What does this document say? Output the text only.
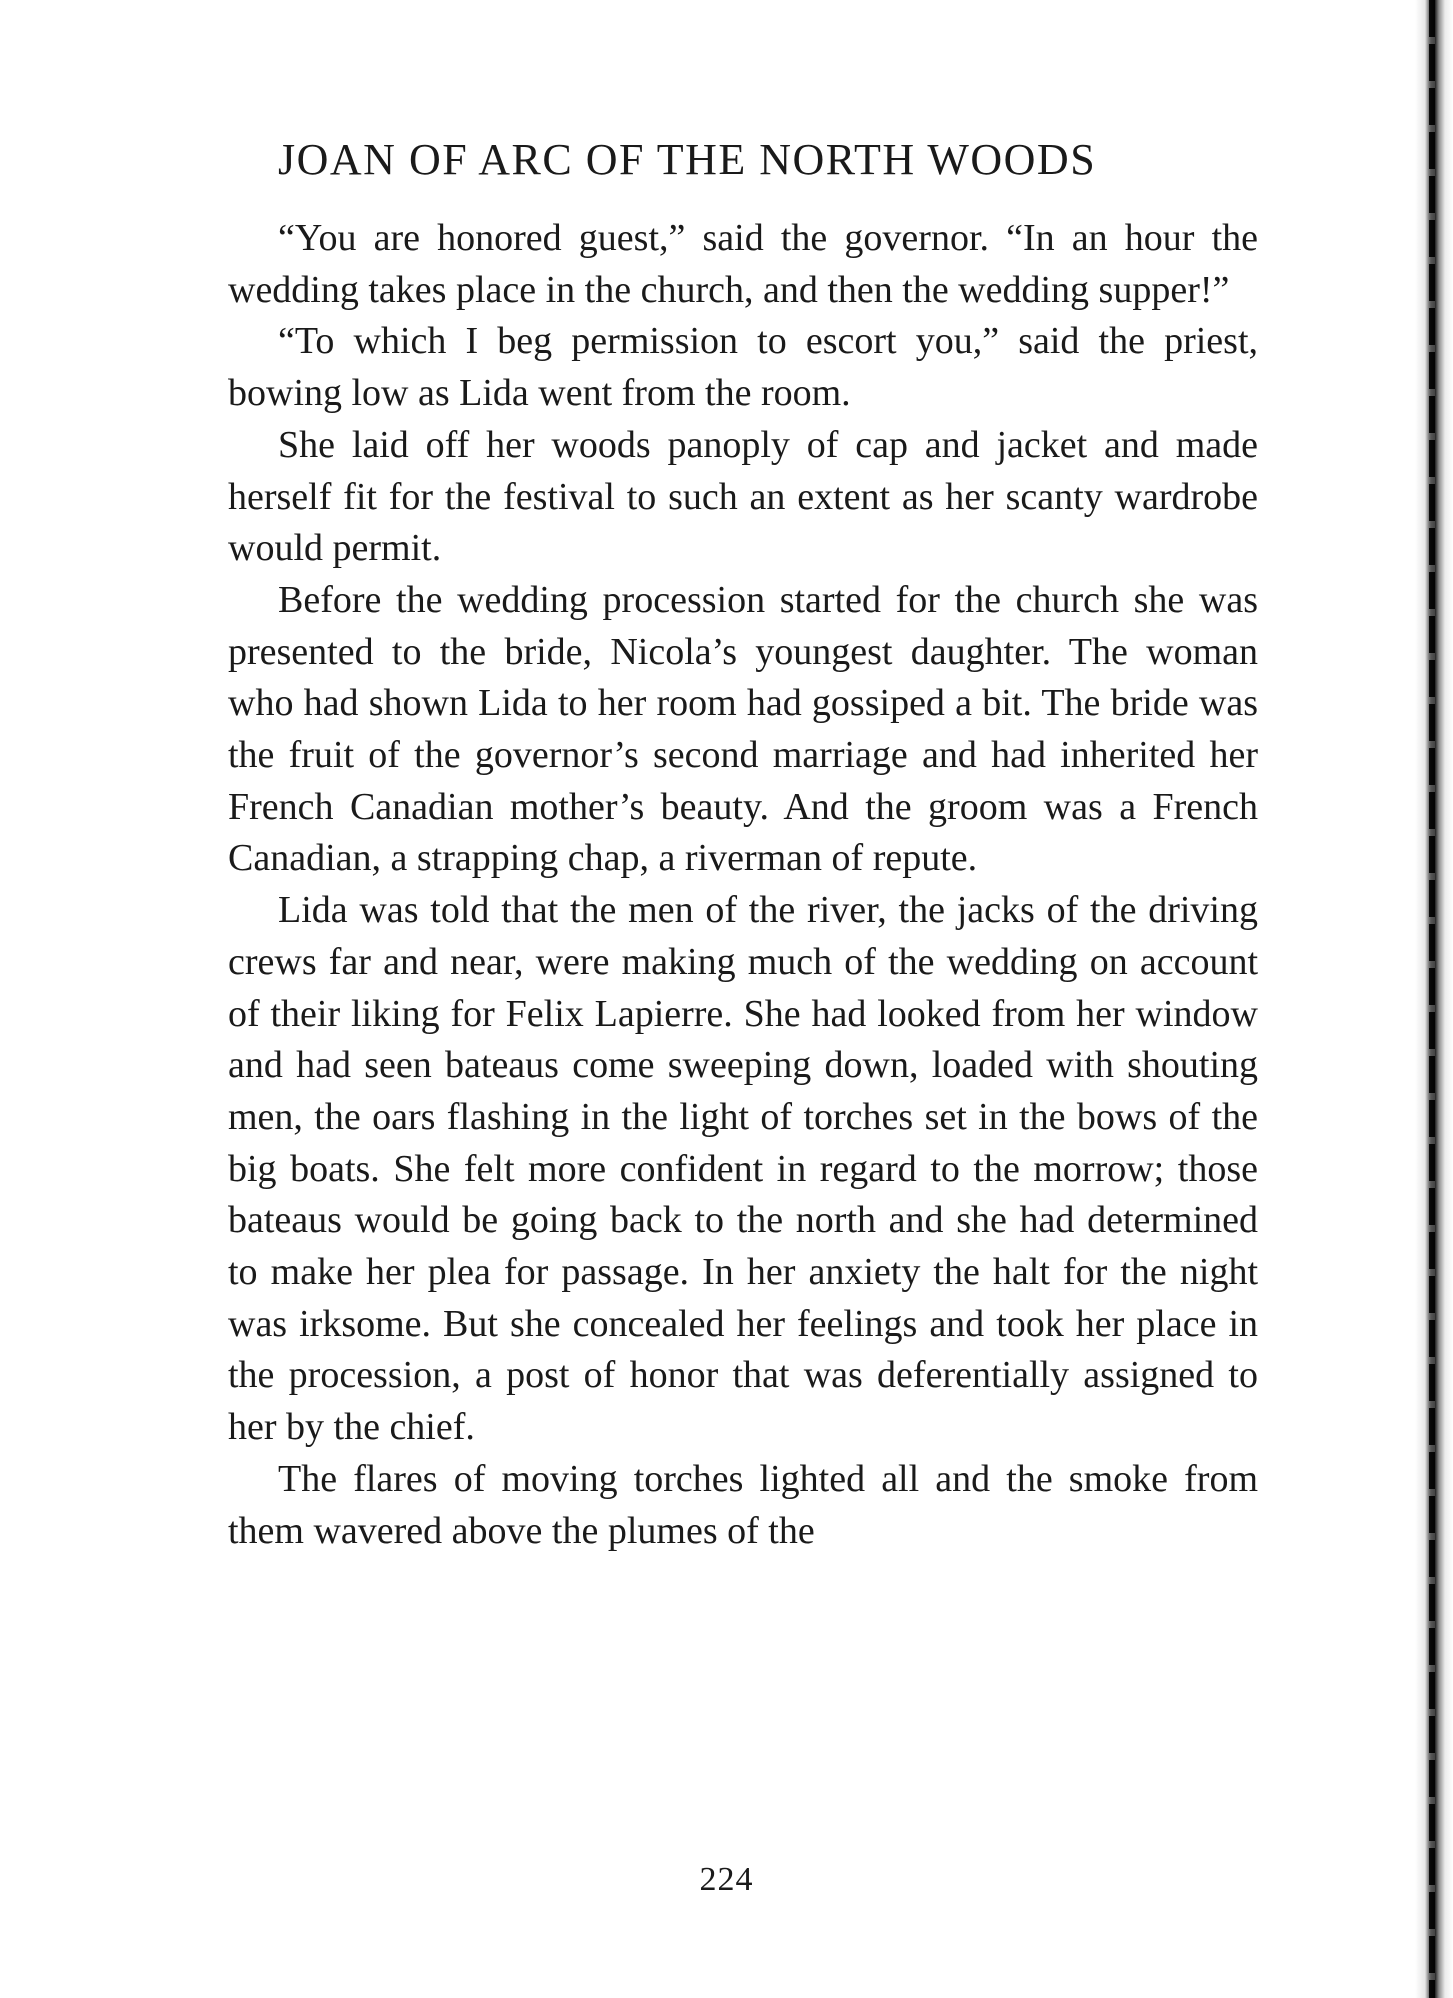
JOAN OF ARC OF THE NORTH WOODS

“You are honored guest,” said the governor. “In an hour the wedding takes place in the church, and then the wedding supper!”

“To which I beg permission to escort you,” said the priest, bowing low as Lida went from the room.

She laid off her woods panoply of cap and jacket and made herself fit for the festival to such an extent as her scanty wardrobe would permit.

Before the wedding procession started for the church she was presented to the bride, Nicola’s youngest daughter. The woman who had shown Lida to her room had gossiped a bit. The bride was the fruit of the governor’s second marriage and had inherited her French Canadian mother’s beauty. And the groom was a French Canadian, a strapping chap, a riverman of repute.

Lida was told that the men of the river, the jacks of the driving crews far and near, were making much of the wedding on account of their liking for Felix Lapierre. She had looked from her window and had seen bateaus come sweeping down, loaded with shouting men, the oars flashing in the light of torches set in the bows of the big boats. She felt more confident in regard to the morrow; those bateaus would be going back to the north and she had determined to make her plea for passage. In her anxiety the halt for the night was irksome. But she concealed her feelings and took her place in the procession, a post of honor that was deferentially assigned to her by the chief.

The flares of moving torches lighted all and the smoke from them wavered above the plumes of the

224
